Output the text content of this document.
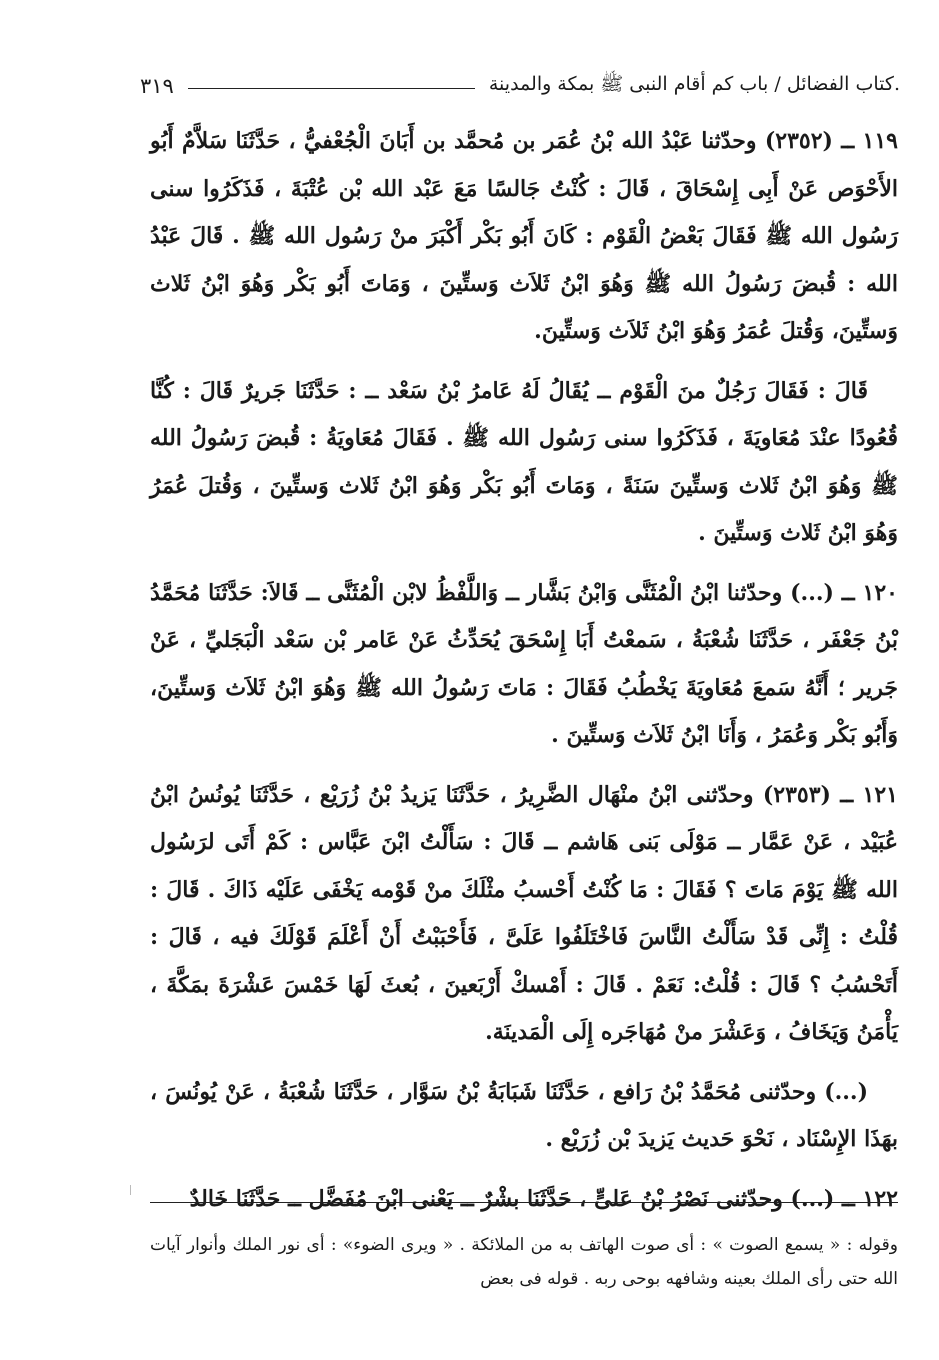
.كتاب الفضائل / باب كم أقام النبى ﷺ بمكة والمدينة
٣١٩

١١٩ ــ (٢٣٥٢) وحدّثنا عَبْدُ الله بْنُ عُمَر بن مُحمَّد بن أَبَانَ الْجُعْفيُّ ، حَدَّثَنَا سَلاَّمٌ أَبُو الأَحْوَص عَنْ أَبِى إِسْحَاقَ ، قَالَ : كُنْتُ جَالسًا مَعَ عَبْد الله بْن عُتْبَةَ ، فَذَكَرُوا سنى رَسُول الله ﷺ فَقَالَ بَعْضُ الْقَوْم : كَانَ أَبُو بَكْر أَكْبَرَ منْ رَسُول الله ﷺ . قَالَ عَبْدُ الله : قُبضَ رَسُولُ الله ﷺ وَهُوَ ابْنُ ثَلاَث وَستِّينَ ، وَمَاتَ أَبُو بَكْر وَهُوَ ابْنُ ثَلاث وَستِّينَ، وَقُتلَ عُمَرُ وَهُوَ ابْنُ ثَلاَث وَستِّينَ.

قَالَ : فَقَالَ رَجُلٌ منَ الْقَوْم ــ يُقَالُ لَهُ عَامرُ بْنُ سَعْد ــ : حَدَّثَنَا جَريرٌ قَالَ : كُنَّا قُعُودًا عنْدَ مُعَاويَةَ ، فَذَكَرُوا سنى رَسُول الله ﷺ . فَقَالَ مُعَاويَةُ : قُبضَ رَسُولُ الله ﷺ وَهُوَ ابْنُ ثَلاث وَستِّينَ سَنَةً ، وَمَاتَ أَبُو بَكْر وَهُوَ ابْنُ ثَلاث وَستِّينَ ، وَقُتلَ عُمَرُ وَهُوَ ابْنُ ثَلاث وَستِّينَ .

١٢٠ ــ (...) وحدّثنا ابْنُ الْمُثَنَّى وَابْنُ بَشَّار ــ وَاللَّفْظُ لابْن الْمُثَنَّى ــ قَالاَ: حَدَّثَنَا مُحَمَّدُ بْنُ جَعْفَر ، حَدَّثَنَا شُعْبَةُ ، سَمعْتُ أَبَا إِسْحَقَ يُحَدِّثُ عَنْ عَامر بْن سَعْد الْبَجَليِّ ، عَنْ جَرير ؛ أَنَّهُ سَمعَ مُعَاويَةَ يَخْطُبُ فَقَالَ : مَاتَ رَسُولُ الله ﷺ وَهُوَ ابْنُ ثَلاَث وَستِّينَ، وَأَبُو بَكْر وَعُمَرُ ، وَأَنَا ابْنُ ثَلاَث وَستِّينَ .

١٢١ ــ (٢٣٥٣) وحدّثنى ابْنُ منْهَال الضَّرِيرُ ، حَدَّثَنَا يَزيدُ بْنُ زُرَيْع ، حَدَّثَنَا يُونُسُ ابْنُ عُبَيْد ، عَنْ عَمَّار ــ مَوْلَى بَنى هَاشم ــ قَالَ : سَأَلْتُ ابْنَ عَبَّاس : كَمْ أَتَى لرَسُول الله ﷺ يَوْمَ مَاتَ ؟ فَقَالَ : مَا كُنْتُ أَحْسبُ مثْلَكَ منْ قَوْمه يَخْفَى عَلَيْه ذَاكَ . قَالَ : قُلْتُ : إِنِّى قَدْ سَأَلْتُ النَّاسَ فَاخْتَلَفُوا عَلَىَّ ، فَأَحْبَبْتُ أَنْ أَعْلَمَ قَوْلَكَ فيه ، قَالَ : أَتَحْسُبُ ؟ قَالَ : قُلْتُ: نَعَمْ . قَالَ : أَمْسكْ أَرْبَعينَ ، بُعثَ لَهَا خَمْسَ عَشْرَةَ بمَكَّةَ ، يَأْمَنُ وَيَخَافُ ، وَعَشْرَ منْ مُهَاجَره إِلَى الْمَدينَة.

(...) وحدّثنى مُحَمَّدُ بْنُ رَافع ، حَدَّثَنَا شَبَابَةُ بْنُ سَوَّار ، حَدَّثَنَا شُعْبَةُ ، عَنْ يُونُسَ ، بهَذَا الإِسْنَاد ، نَحْوَ حَديث يَزيدَ بْن زُرَيْع .

١٢٢ ــ (...) وحدّثنى نَصْرُ بْنُ عَلىٍّ ، حَدَّثَنَا بشْرٌ ــ يَعْنى ابْنَ مُفَضَّل ــ حَدَّثَنَا خَالدٌ

وقوله : « يسمع الصوت » : أى صوت الهاتف به من الملائكة . « ويرى الضوء» : أى نور الملك وأنوار آيات الله حتى رأى الملك بعينه وشافهه بوحى ربه . قوله فى بعض
